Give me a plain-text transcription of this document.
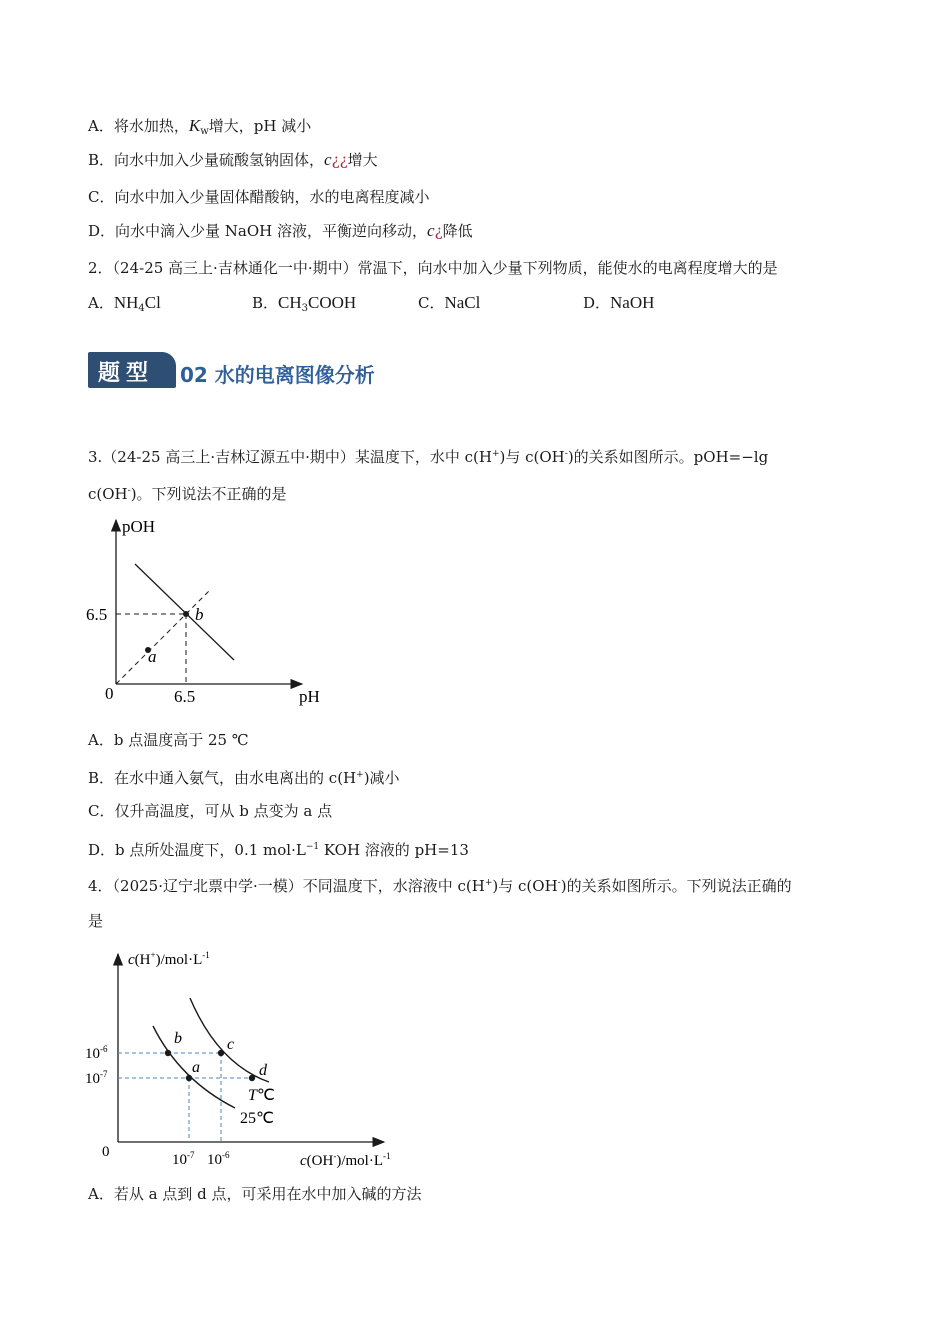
A．将水加热，$K_w$增大，pH 减小
B．向水中加入少量硫酸氢钠固体，c¿¿增大
C．向水中加入少量固体醋酸钠，水的电离程度减小
D．向水中滴入少量 NaOH 溶液，平衡逆向移动，c¿降低
2．（24-25 高三上·吉林通化一中·期中）常温下，向水中加入少量下列物质，能使水的电离程度增大的是
A．$NH_4Cl$	B．$CH_3COOH$	C．NaCl	D．NaOH
题型 02 水的电离图像分析
3.（24-25 高三上·吉林辽源五中·期中）某温度下，水中 c(H+)与 c(OH-)的关系如图所示。pOH=−lg
c(OH-)。下列说法不正确的是
pOH
pH
0
6.5
6.5
b
a
A．b 点温度高于 25 ℃
B．在水中通入氨气，由水电离出的 c(H+)减小
C．仅升高温度，可从 b 点变为 a 点
D．b 点所处温度下，0.1 $mol\cdot L^{-1}$ KOH 溶液的 pH=13
4．（2025·辽宁北票中学·一模）不同温度下，水溶液中 c(H+)与 c(OH-)的关系如图所示。下列说法正确的
是
b
a
c
d
T℃
25℃
$c(H^+)/mol\cdot L^{-1}$
$c(OH^-)/mol\cdot L^{-1}$
0
$10^{-6}$
$10^{-7}$
$10^{-7}$ $10^{-6}$
A．若从 a 点到 d 点，可采用在水中加入碱的方法
